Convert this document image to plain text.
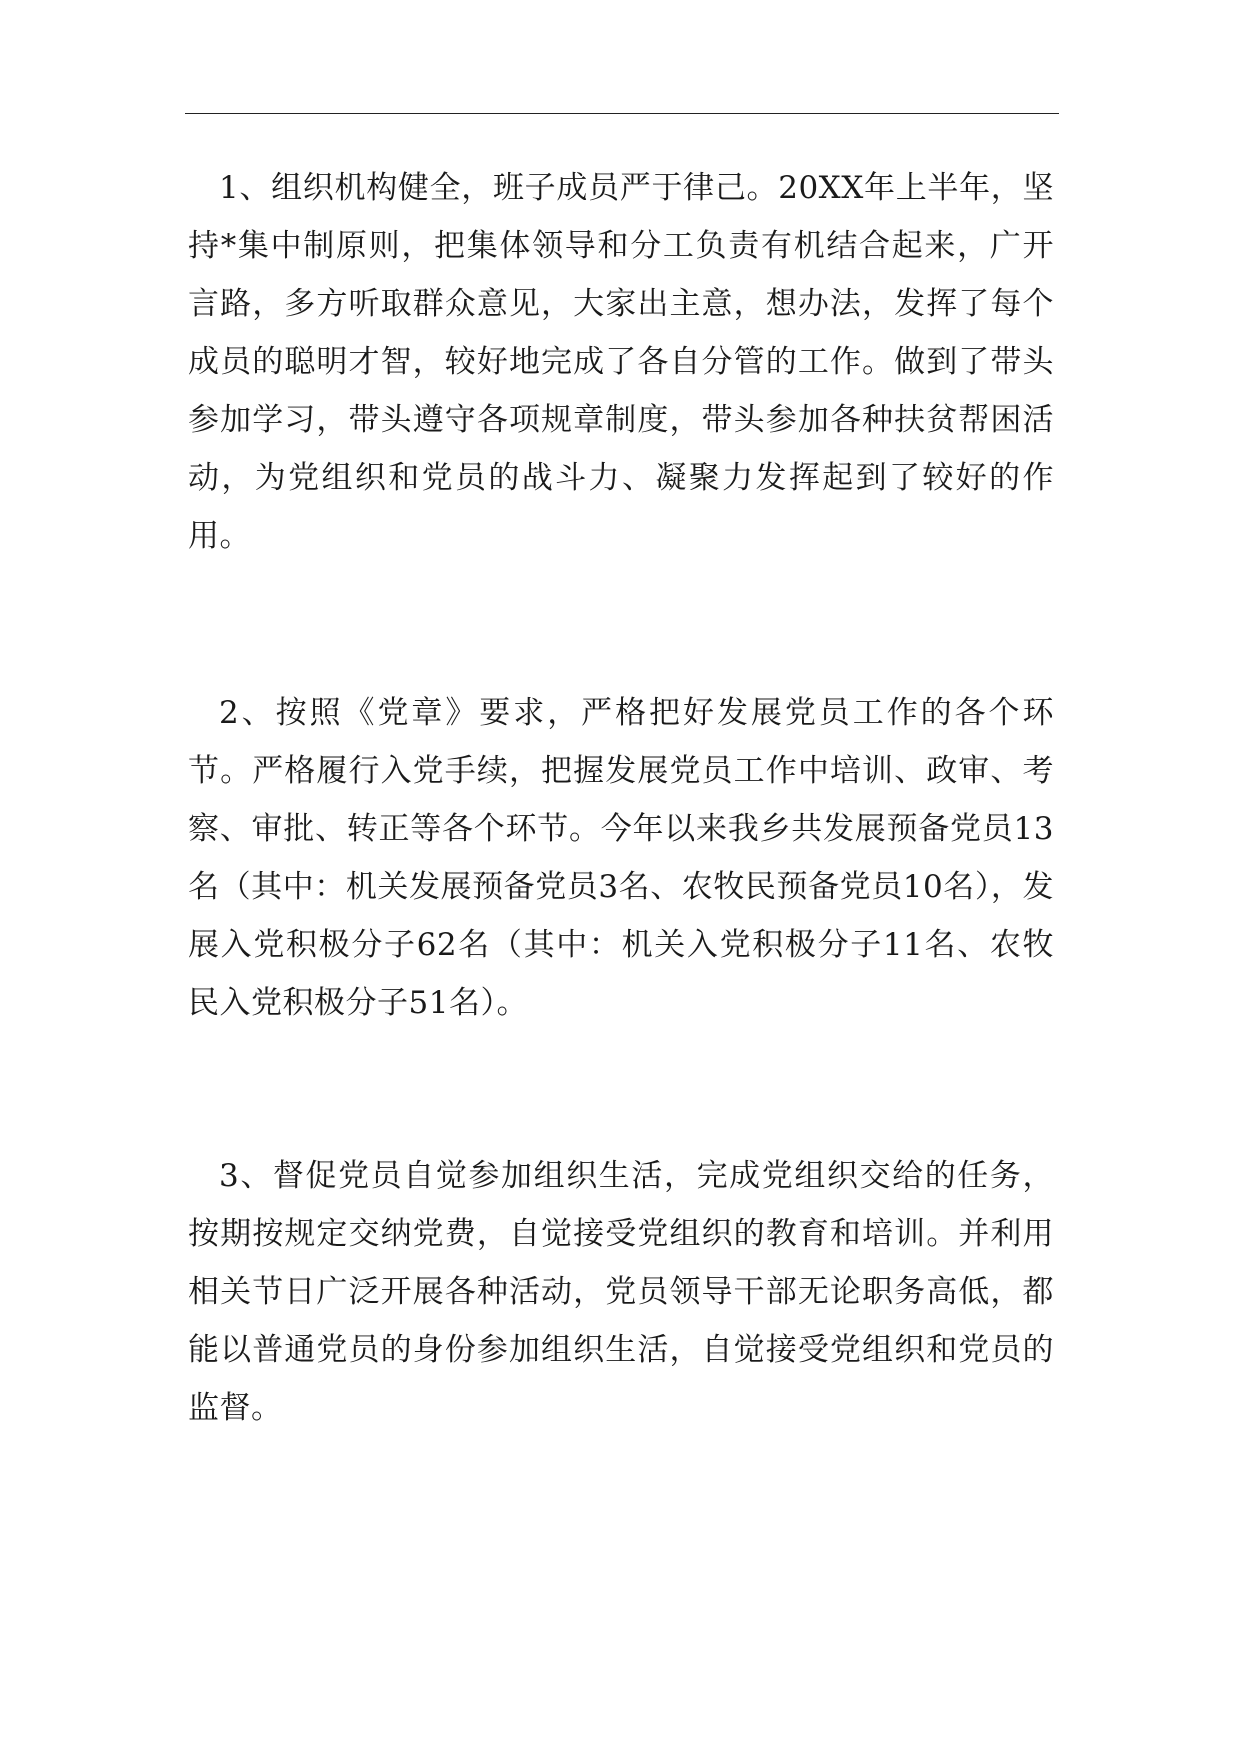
1、组织机构健全，班子成员严于律己。20XX年上半年，坚持*集中制原则，把集体领导和分工负责有机结合起来，广开言路，多方听取群众意见，大家出主意，想办法，发挥了每个成员的聪明才智，较好地完成了各自分管的工作。做到了带头参加学习，带头遵守各项规章制度，带头参加各种扶贫帮困活动，为党组织和党员的战斗力、凝聚力发挥起到了较好的作用。

2、按照《党章》要求，严格把好发展党员工作的各个环节。严格履行入党手续，把握发展党员工作中培训、政审、考察、审批、转正等各个环节。今年以来我乡共发展预备党员13名（其中：机关发展预备党员3名、农牧民预备党员10名），发展入党积极分子62名（其中：机关入党积极分子11名、农牧民入党积极分子51名）。

3、督促党员自觉参加组织生活，完成党组织交给的任务，按期按规定交纳党费，自觉接受党组织的教育和培训。并利用相关节日广泛开展各种活动，党员领导干部无论职务高低，都能以普通党员的身份参加组织生活，自觉接受党组织和党员的监督。
